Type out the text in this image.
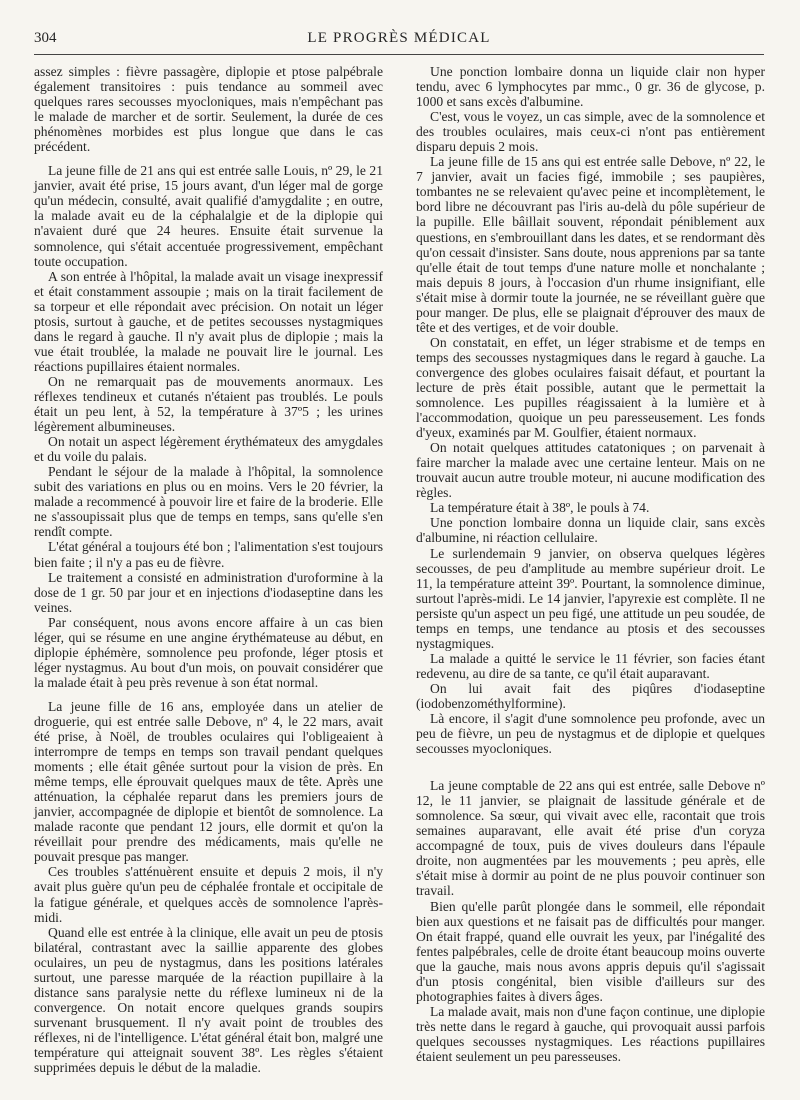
304	LE PROGRÈS MÉDICAL

assez simples : fièvre passagère, diplopie et ptose palpébrale également transitoires : puis tendance au sommeil avec quelques rares secousses myocloniques, mais n'empêchant pas le malade de marcher et de sortir. Seulement, la durée de ces phénomènes morbides est plus longue que dans le cas précédent.

La jeune fille de 21 ans qui est entrée salle Louis, nº 29, le 21 janvier, avait été prise, 15 jours avant, d'un léger mal de gorge qu'un médecin, consulté, avait qualifié d'amygdalite ; en outre, la malade avait eu de la céphalalgie et de la diplopie qui n'avaient duré que 24 heures. Ensuite était survenue la somnolence, qui s'était accentuée progressivement, empêchant toute occupation.

A son entrée à l'hôpital, la malade avait un visage inexpressif et était constamment assoupie ; mais on la tirait facilement de sa torpeur et elle répondait avec précision. On notait un léger ptosis, surtout à gauche, et de petites secousses nystagmiques dans le regard à gauche. Il n'y avait plus de diplopie ; mais la vue était troublée, la malade ne pouvait lire le journal. Les réactions pupillaires étaient normales.

On ne remarquait pas de mouvements anormaux. Les réflexes tendineux et cutanés n'étaient pas troublés. Le pouls était un peu lent, à 52, la température à 37º5 ; les urines légèrement albumineuses.

On notait un aspect légèrement érythémateux des amygdales et du voile du palais.

Pendant le séjour de la malade à l'hôpital, la somnolence subit des variations en plus ou en moins. Vers le 20 février, la malade a recommencé à pouvoir lire et faire de la broderie. Elle ne s'assoupissait plus que de temps en temps, sans qu'elle s'en rendît compte.

L'état général a toujours été bon ; l'alimentation s'est toujours bien faite ; il n'y a pas eu de fièvre.

Le traitement a consisté en administration d'uroformine à la dose de 1 gr. 50 par jour et en injections d'iodaseptine dans les veines.

Par conséquent, nous avons encore affaire à un cas bien léger, qui se résume en une angine érythémateuse au début, en diplopie éphémère, somnolence peu profonde, léger ptosis et léger nystagmus. Au bout d'un mois, on pouvait considérer que la malade était à peu près revenue à son état normal.

La jeune fille de 16 ans, employée dans un atelier de droguerie, qui est entrée salle Debove, nº 4, le 22 mars, avait été prise, à Noël, de troubles oculaires qui l'obligeaient à interrompre de temps en temps son travail pendant quelques moments ; elle était gênée surtout pour la vision de près. En même temps, elle éprouvait quelques maux de tête. Après une atténuation, la céphalée reparut dans les premiers jours de janvier, accompagnée de diplopie et bientôt de somnolence. La malade raconte que pendant 12 jours, elle dormit et qu'on la réveillait pour prendre des médicaments, mais qu'elle ne pouvait presque pas manger.

Ces troubles s'atténuèrent ensuite et depuis 2 mois, il n'y avait plus guère qu'un peu de céphalée frontale et occipitale de la fatigue générale, et quelques accès de somnolence l'après-midi.

Quand elle est entrée à la clinique, elle avait un peu de ptosis bilatéral, contrastant avec la saillie apparente des globes oculaires, un peu de nystagmus, dans les positions latérales surtout, une paresse marquée de la réaction pupillaire à la distance sans paralysie nette du réflexe lumineux ni de la convergence. On notait encore quelques grands soupirs survenant brusquement. Il n'y avait point de troubles des réflexes, ni de l'intelligence. L'état général était bon, malgré une température qui atteignait souvent 38º. Les règles s'étaient supprimées depuis le début de la maladie.

Une ponction lombaire donna un liquide clair non hyper tendu, avec 6 lymphocytes par mmc., 0 gr. 36 de glycose, p. 1000 et sans excès d'albumine.

C'est, vous le voyez, un cas simple, avec de la somnolence et des troubles oculaires, mais ceux-ci n'ont pas entièrement disparu depuis 2 mois.

La jeune fille de 15 ans qui est entrée salle Debove, nº 22, le 7 janvier, avait un facies figé, immobile ; ses paupières, tombantes ne se relevaient qu'avec peine et incomplètement, le bord libre ne découvrant pas l'iris au-delà du pôle supérieur de la pupille. Elle bâillait souvent, répondait péniblement aux questions, en s'embrouillant dans les dates, et se rendormant dès qu'on cessait d'insister. Sans doute, nous apprenions par sa tante qu'elle était de tout temps d'une nature molle et nonchalante ; mais depuis 8 jours, à l'occasion d'un rhume insignifiant, elle s'était mise à dormir toute la journée, ne se réveillant guère que pour manger. De plus, elle se plaignait d'éprouver des maux de tête et des vertiges, et de voir double.

On constatait, en effet, un léger strabisme et de temps en temps des secousses nystagmiques dans le regard à gauche. La convergence des globes oculaires faisait défaut, et pourtant la lecture de près était possible, autant que le permettait la somnolence. Les pupilles réagissaient à la lumière et à l'accommodation, quoique un peu paresseusement. Les fonds d'yeux, examinés par M. Goulfier, étaient normaux.

On notait quelques attitudes catatoniques ; on parvenait à faire marcher la malade avec une certaine lenteur. Mais on ne trouvait aucun autre trouble moteur, ni aucune modification des règles.

La température était à 38º, le pouls à 74.

Une ponction lombaire donna un liquide clair, sans excès d'albumine, ni réaction cellulaire.

Le surlendemain 9 janvier, on observa quelques légères secousses, de peu d'amplitude au membre supérieur droit. Le 11, la température atteint 39º. Pourtant, la somnolence diminue, surtout l'après-midi. Le 14 janvier, l'apyrexie est complète. Il ne persiste qu'un aspect un peu figé, une attitude un peu soudée, de temps en temps, une tendance au ptosis et des secousses nystagmiques.

La malade a quitté le service le 11 février, son facies étant redevenu, au dire de sa tante, ce qu'il était auparavant.

On lui avait fait des piqûres d'iodaseptine (iodobenzométhylformine).

Là encore, il s'agit d'une somnolence peu profonde, avec un peu de fièvre, un peu de nystagmus et de diplopie et quelques secousses myocloniques.

La jeune comptable de 22 ans qui est entrée, salle Debove nº 12, le 11 janvier, se plaignait de lassitude générale et de somnolence. Sa sœur, qui vivait avec elle, racontait que trois semaines auparavant, elle avait été prise d'un coryza accompagné de toux, puis de vives douleurs dans l'épaule droite, non augmentées par les mouvements ; peu après, elle s'était mise à dormir au point de ne plus pouvoir continuer son travail.

Bien qu'elle parût plongée dans le sommeil, elle répondait bien aux questions et ne faisait pas de difficultés pour manger. On était frappé, quand elle ouvrait les yeux, par l'inégalité des fentes palpébrales, celle de droite étant beaucoup moins ouverte que la gauche, mais nous avons appris depuis qu'il s'agissait d'un ptosis congénital, bien visible d'ailleurs sur des photographies faites à divers âges.

La malade avait, mais non d'une façon continue, une diplopie très nette dans le regard à gauche, qui provoquait aussi parfois quelques secousses nystagmiques. Les réactions pupillaires étaient seulement un peu paresseuses.
